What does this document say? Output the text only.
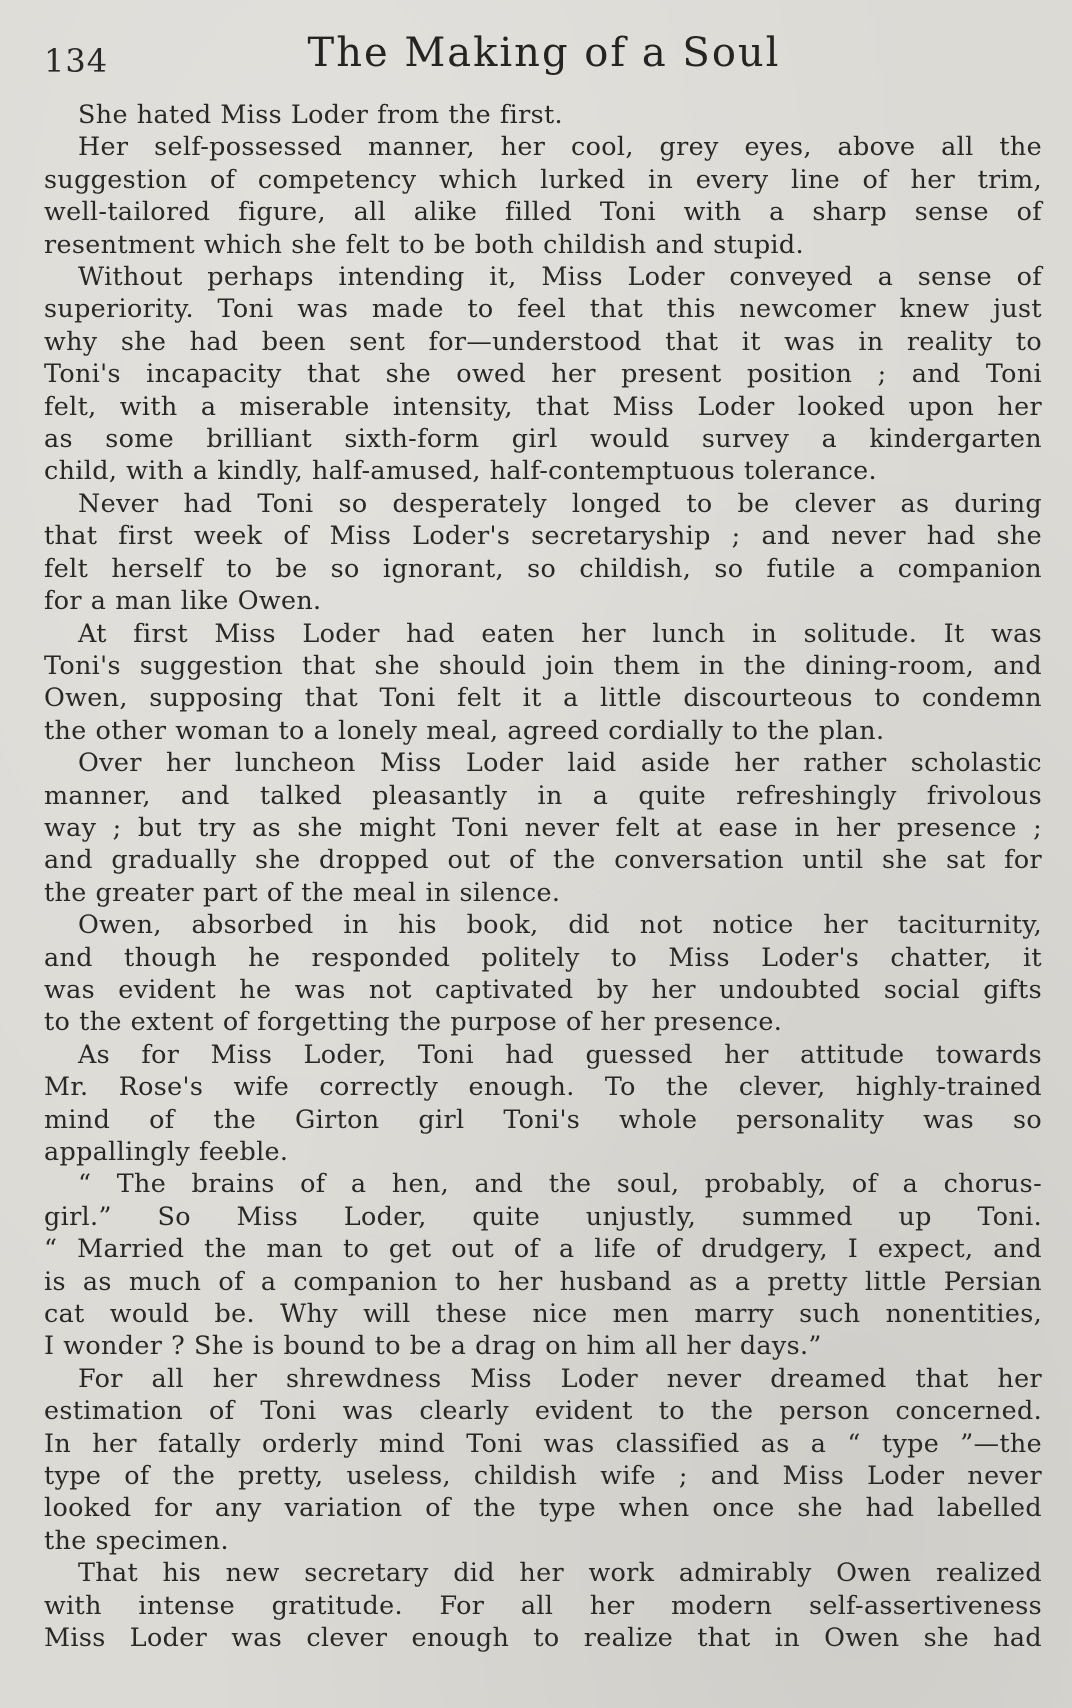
134	The Making of a Soul
She hated Miss Loder from the first.
Her self-possessed manner, her cool, grey eyes, above all the
suggestion of competency which lurked in every line of her trim,
well-tailored figure, all alike filled Toni with a sharp sense of
resentment which she felt to be both childish and stupid.
Without perhaps intending it, Miss Loder conveyed a sense of
superiority. Toni was made to feel that this newcomer knew just
why she had been sent for—understood that it was in reality to
Toni's incapacity that she owed her present position ; and Toni
felt, with a miserable intensity, that Miss Loder looked upon her
as some brilliant sixth-form girl would survey a kindergarten
child, with a kindly, half-amused, half-contemptuous tolerance.
Never had Toni so desperately longed to be clever as during
that first week of Miss Loder's secretaryship ; and never had she
felt herself to be so ignorant, so childish, so futile a companion
for a man like Owen.
At first Miss Loder had eaten her lunch in solitude. It was
Toni's suggestion that she should join them in the dining-room, and
Owen, supposing that Toni felt it a little discourteous to condemn
the other woman to a lonely meal, agreed cordially to the plan.
Over her luncheon Miss Loder laid aside her rather scholastic
manner, and talked pleasantly in a quite refreshingly frivolous
way ; but try as she might Toni never felt at ease in her presence ;
and gradually she dropped out of the conversation until she sat for
the greater part of the meal in silence.
Owen, absorbed in his book, did not notice her taciturnity,
and though he responded politely to Miss Loder's chatter, it
was evident he was not captivated by her undoubted social gifts
to the extent of forgetting the purpose of her presence.
As for Miss Loder, Toni had guessed her attitude towards
Mr. Rose's wife correctly enough. To the clever, highly-trained
mind of the Girton girl Toni's whole personality was so
appallingly feeble.
“ The brains of a hen, and the soul, probably, of a chorus-
girl.” So Miss Loder, quite unjustly, summed up Toni.
“ Married the man to get out of a life of drudgery, I expect, and
is as much of a companion to her husband as a pretty little Persian
cat would be. Why will these nice men marry such nonentities,
I wonder ? She is bound to be a drag on him all her days.”
For all her shrewdness Miss Loder never dreamed that her
estimation of Toni was clearly evident to the person concerned.
In her fatally orderly mind Toni was classified as a “ type ”—the
type of the pretty, useless, childish wife ; and Miss Loder never
looked for any variation of the type when once she had labelled
the specimen.
That his new secretary did her work admirably Owen realized
with intense gratitude. For all her modern self-assertiveness
Miss Loder was clever enough to realize that in Owen she had
